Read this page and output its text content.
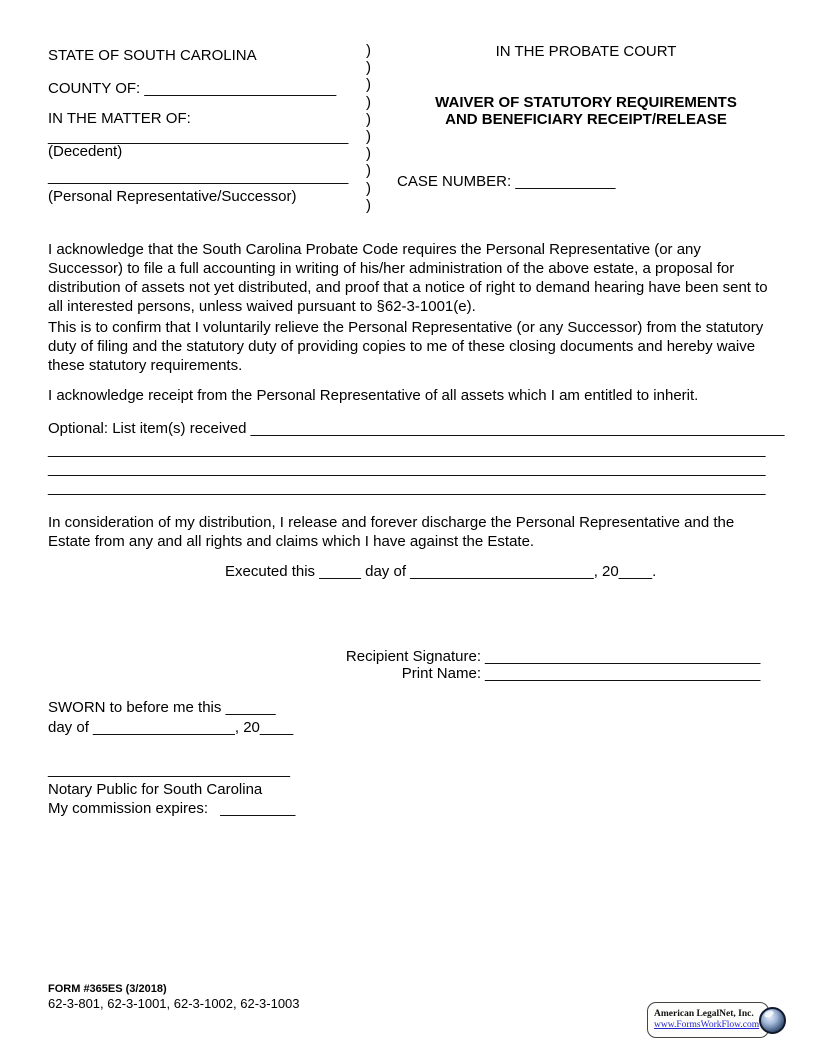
STATE OF SOUTH CAROLINA
COUNTY OF: _______________________
IN THE MATTER OF:
____________________________________
(Decedent)
____________________________________
(Personal Representative/Successor)
)
)
)
)
)
)
)
)
)
)
IN THE PROBATE COURT
WAIVER OF STATUTORY REQUIREMENTS
AND BENEFICIARY RECEIPT/RELEASE
CASE NUMBER: ____________
I acknowledge that the South Carolina Probate Code requires the Personal Representative (or any Successor) to file a full accounting in writing of his/her administration of the above estate, a proposal for distribution of assets not yet distributed, and proof that a notice of right to demand hearing have been sent to all interested persons, unless waived pursuant to §62-3-1001(e).
This is to confirm that I voluntarily relieve the Personal Representative (or any Successor) from the statutory duty of filing and the statutory duty of providing copies to me of these closing documents and hereby waive these statutory requirements.
I acknowledge receipt from the Personal Representative of all assets which I am entitled to inherit.
Optional: List item(s) received ________________________________________________________________
______________________________________________________________________________________
______________________________________________________________________________________
______________________________________________________________________________________
In consideration of my distribution, I release and forever discharge the Personal Representative and the Estate from any and all rights and claims which I have against the Estate.
Executed this _____ day of ______________________, 20____.
Recipient Signature: _________________________________
Print Name: _________________________________
SWORN to before me this ______
day of _________________, 20____
_____________________________
Notary Public for South Carolina
My commission expires: _________
FORM #365ES (3/2018)
62-3-801, 62-3-1001, 62-3-1002, 62-3-1003
American LegalNet, Inc.
www.FormsWorkFlow.com
